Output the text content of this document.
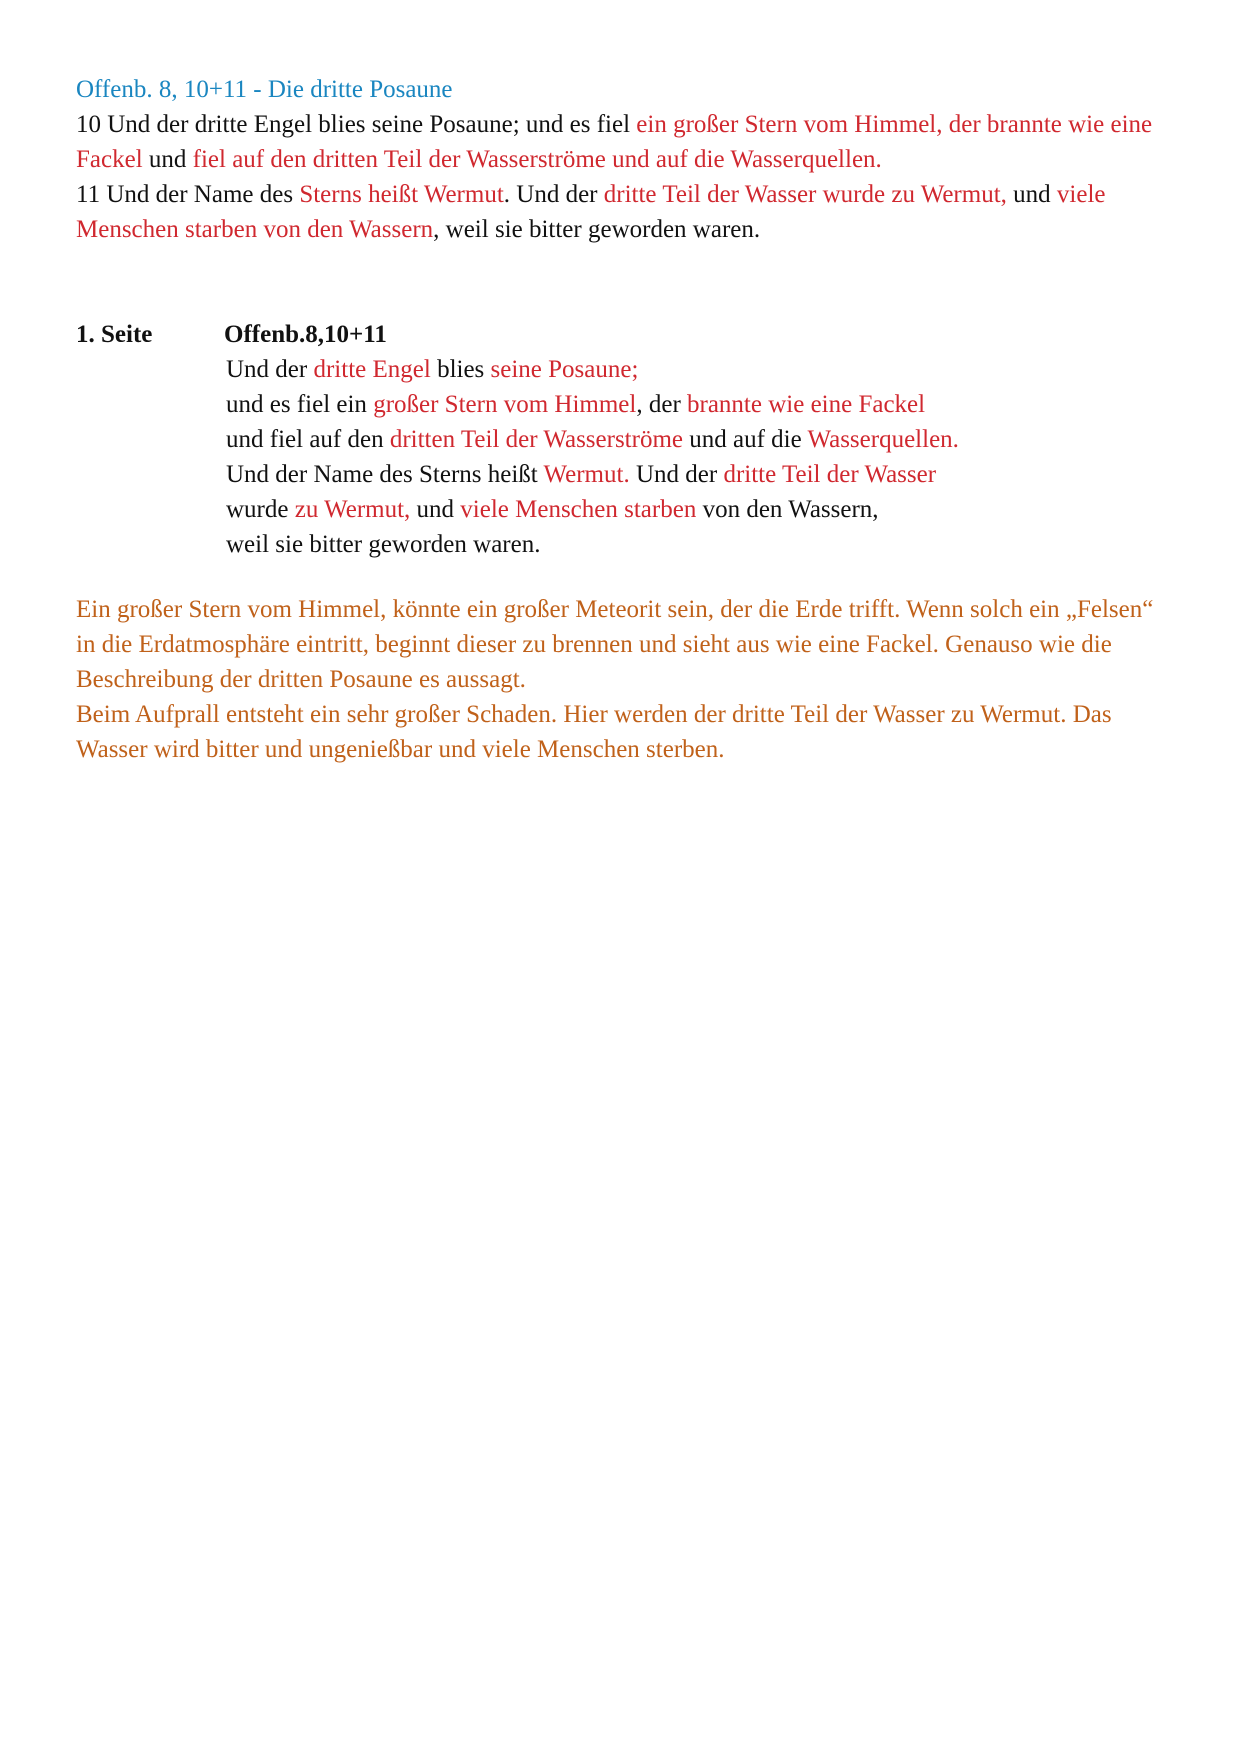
Offenb. 8, 10+11 - Die dritte Posaune
10 Und der dritte Engel blies seine Posaune; und es fiel ein großer Stern vom Himmel, der brannte wie eine Fackel und fiel auf den dritten Teil der Wasserströme und auf die Wasserquellen.
11 Und der Name des Sterns heißt Wermut. Und der dritte Teil der Wasser wurde zu Wermut, und viele Menschen starben von den Wassern, weil sie bitter geworden waren.
1. Seite	Offenb.8,10+11
Und der dritte Engel blies seine Posaune;
und es fiel ein großer Stern vom Himmel, der brannte wie eine Fackel
und fiel auf den dritten Teil der Wasserströme und auf die Wasserquellen.
Und der Name des Sterns heißt Wermut. Und der dritte Teil der Wasser
wurde zu Wermut, und viele Menschen starben von den Wassern,
weil sie bitter geworden waren.
Ein großer Stern vom Himmel, könnte ein großer Meteorit sein, der die Erde trifft. Wenn solch ein „Felsen“ in die Erdatmosphäre eintritt, beginnt dieser zu brennen und sieht aus wie eine Fackel. Genauso wie die Beschreibung der dritten Posaune es aussagt.
Beim Aufprall entsteht ein sehr großer Schaden. Hier werden der dritte Teil der Wasser zu Wermut. Das Wasser wird bitter und ungenießbar und viele Menschen sterben.
